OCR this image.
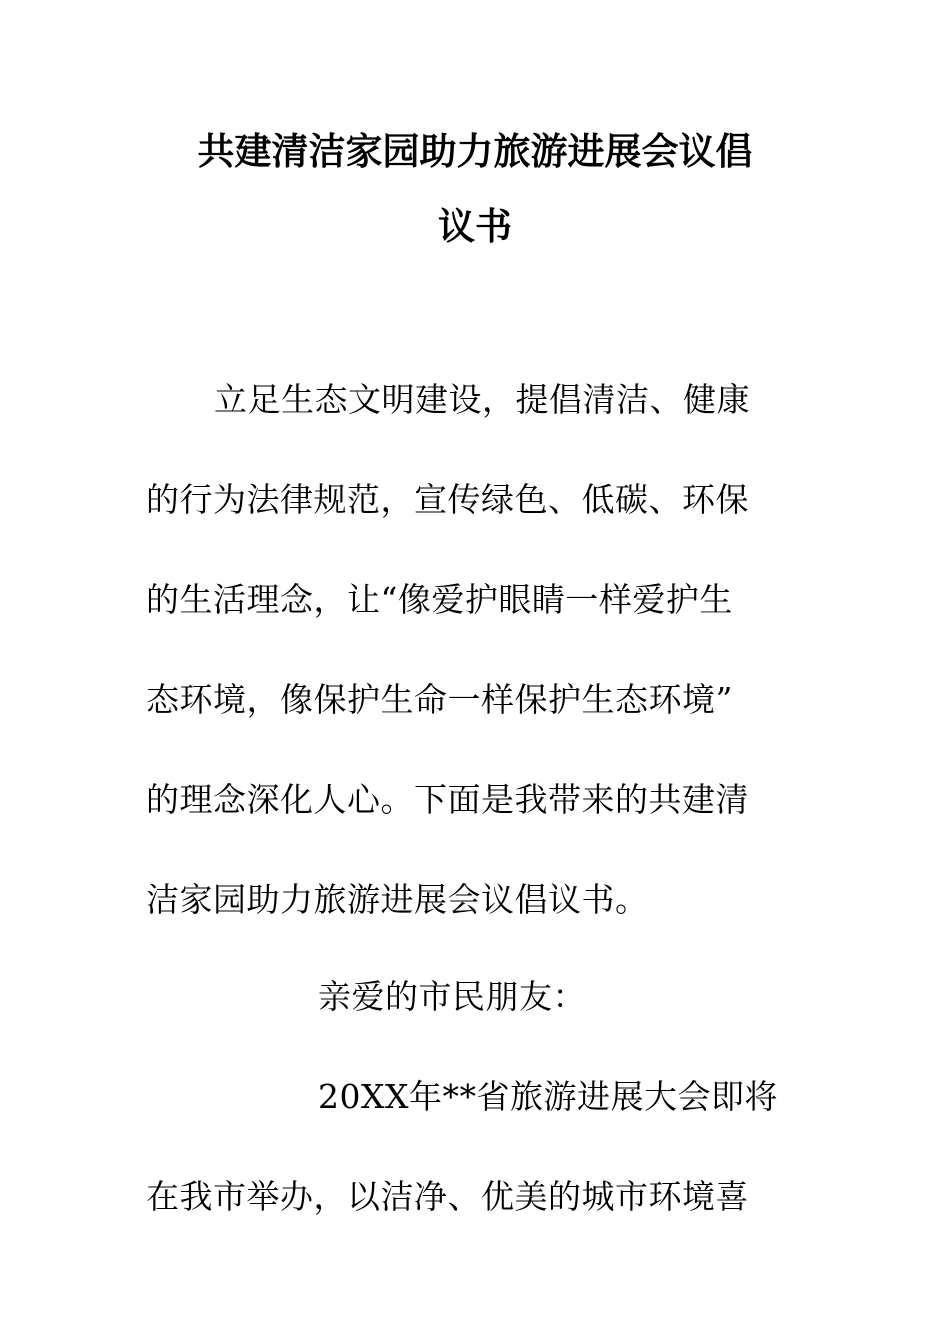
共建清洁家园助力旅游进展会议倡
议书
立足生态文明建设，提倡清洁、健康
的行为法律规范，宣传绿色、低碳、环保
的生活理念，让“像爱护眼睛一样爱护生
态环境，像保护生命一样保护生态环境”
的理念深化人心。下面是我带来的共建清
洁家园助力旅游进展会议倡议书。
亲爱的市民朋友：
20XX年**省旅游进展大会即将
在我市举办，以洁净、优美的城市环境喜
